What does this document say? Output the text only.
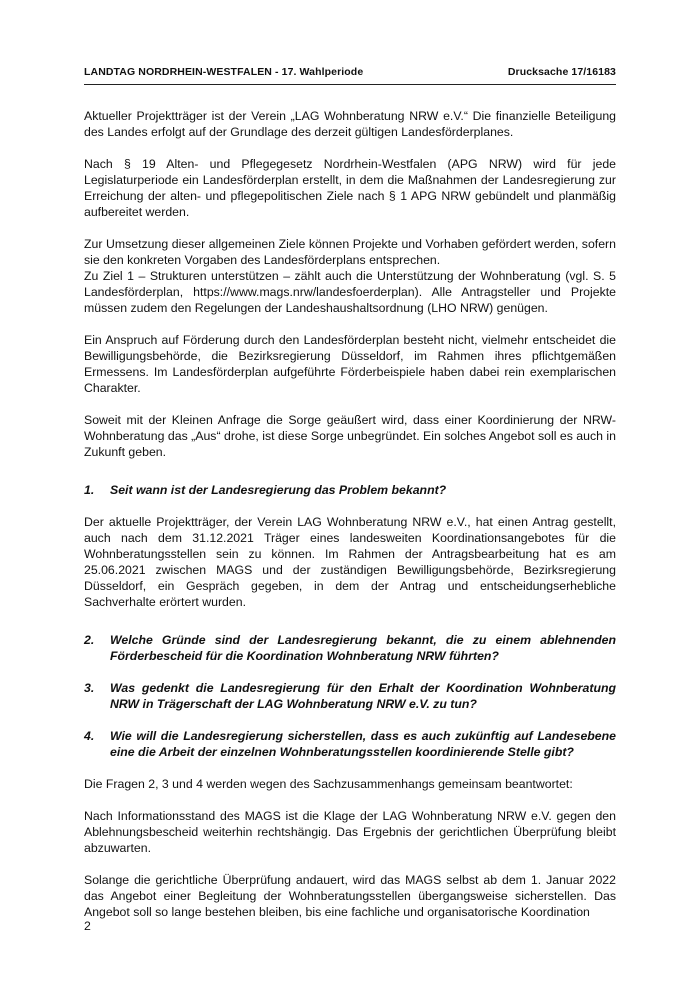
LANDTAG NORDRHEIN-WESTFALEN - 17. Wahlperiode	Drucksache 17/16183

Aktueller Projektträger ist der Verein „LAG Wohnberatung NRW e.V.“ Die finanzielle Beteiligung des Landes erfolgt auf der Grundlage des derzeit gültigen Landesförderplanes.

Nach § 19 Alten- und Pflegegesetz Nordrhein-Westfalen (APG NRW) wird für jede Legislaturperiode ein Landesförderplan erstellt, in dem die Maßnahmen der Landesregierung zur Erreichung der alten- und pflegepolitischen Ziele nach § 1 APG NRW gebündelt und planmäßig aufbereitet werden.

Zur Umsetzung dieser allgemeinen Ziele können Projekte und Vorhaben gefördert werden, sofern sie den konkreten Vorgaben des Landesförderplans entsprechen.

Zu Ziel 1 – Strukturen unterstützen – zählt auch die Unterstützung der Wohnberatung (vgl. S. 5 Landesförderplan, https://www.mags.nrw/landesfoerderplan). Alle Antragsteller und Projekte müssen zudem den Regelungen der Landeshaushaltsordnung (LHO NRW) genügen.

Ein Anspruch auf Förderung durch den Landesförderplan besteht nicht, vielmehr entscheidet die Bewilligungsbehörde, die Bezirksregierung Düsseldorf, im Rahmen ihres pflichtgemäßen Ermessens. Im Landesförderplan aufgeführte Förderbeispiele haben dabei rein exemplarischen Charakter.

Soweit mit der Kleinen Anfrage die Sorge geäußert wird, dass einer Koordinierung der NRW-Wohnberatung das „Aus“ drohe, ist diese Sorge unbegründet. Ein solches Angebot soll es auch in Zukunft geben.

1.	Seit wann ist der Landesregierung das Problem bekannt?

Der aktuelle Projektträger, der Verein LAG Wohnberatung NRW e.V., hat einen Antrag gestellt, auch nach dem 31.12.2021 Träger eines landesweiten Koordinationsangebotes für die Wohnberatungsstellen sein zu können. Im Rahmen der Antragsbearbeitung hat es am 25.06.2021 zwischen MAGS und der zuständigen Bewilligungsbehörde, Bezirksregierung Düsseldorf, ein Gespräch gegeben, in dem der Antrag und entscheidungserhebliche Sachverhalte erörtert wurden.

2.	Welche Gründe sind der Landesregierung bekannt, die zu einem ablehnenden Förderbescheid für die Koordination Wohnberatung NRW führten?
3.	Was gedenkt die Landesregierung für den Erhalt der Koordination Wohnberatung NRW in Trägerschaft der LAG Wohnberatung NRW e.V. zu tun?
4.	Wie will die Landesregierung sicherstellen, dass es auch zukünftig auf Landesebene eine die Arbeit der einzelnen Wohnberatungsstellen koordinierende Stelle gibt?

Die Fragen 2, 3 und 4 werden wegen des Sachzusammenhangs gemeinsam beantwortet:

Nach Informationsstand des MAGS ist die Klage der LAG Wohnberatung NRW e.V. gegen den Ablehnungsbescheid weiterhin rechtshängig. Das Ergebnis der gerichtlichen Überprüfung bleibt abzuwarten.

Solange die gerichtliche Überprüfung andauert, wird das MAGS selbst ab dem 1. Januar 2022 das Angebot einer Begleitung der Wohnberatungsstellen übergangsweise sicherstellen. Das Angebot soll so lange bestehen bleiben, bis eine fachliche und organisatorische Koordination

2
